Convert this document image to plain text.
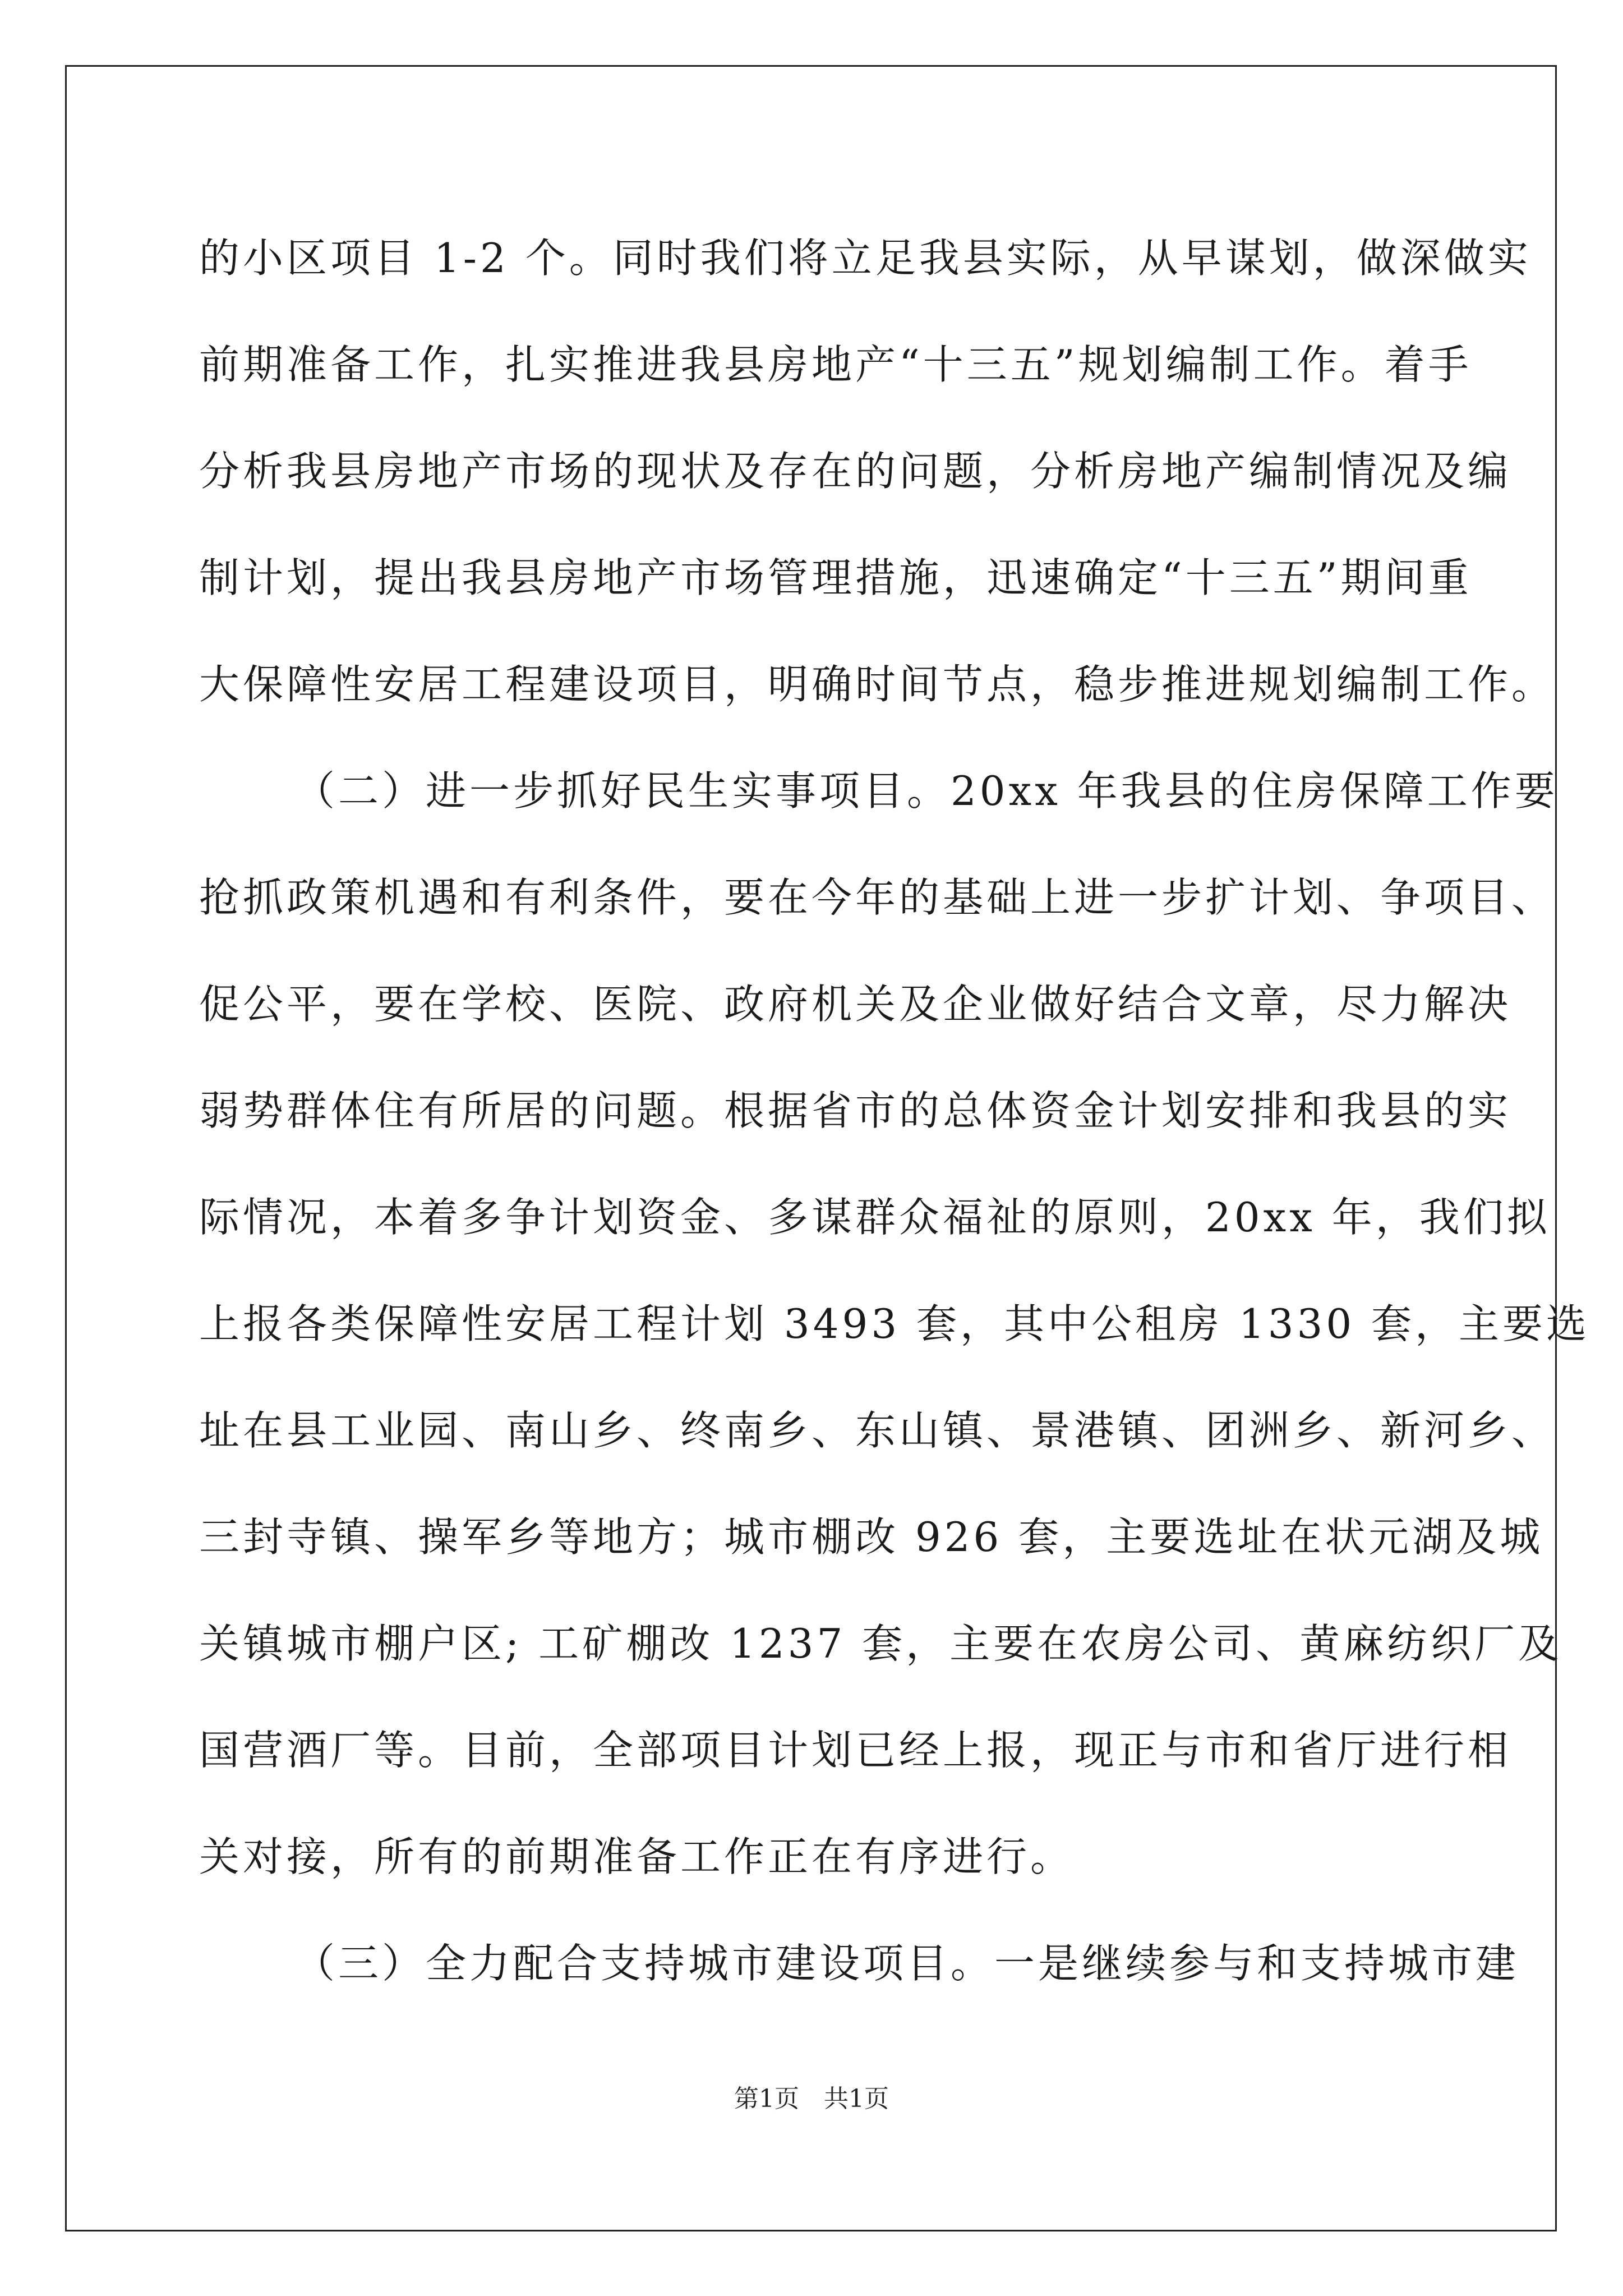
的小区项目 1-2 个。同时我们将立足我县实际，从早谋划，做深做实
前期准备工作，扎实推进我县房地产“十三五”规划编制工作。着手
分析我县房地产市场的现状及存在的问题，分析房地产编制情况及编
制计划，提出我县房地产市场管理措施，迅速确定“十三五”期间重
大保障性安居工程建设项目，明确时间节点，稳步推进规划编制工作。
（二）进一步抓好民生实事项目。20xx 年我县的住房保障工作要
抢抓政策机遇和有利条件，要在今年的基础上进一步扩计划、争项目、
促公平，要在学校、医院、政府机关及企业做好结合文章，尽力解决
弱势群体住有所居的问题。根据省市的总体资金计划安排和我县的实
际情况，本着多争计划资金、多谋群众福祉的原则，20xx 年，我们拟
上报各类保障性安居工程计划 3493 套，其中公租房 1330 套，主要选
址在县工业园、南山乡、终南乡、东山镇、景港镇、团洲乡、新河乡、
三封寺镇、操军乡等地方；城市棚改 926 套，主要选址在状元湖及城
关镇城市棚户区; 工矿棚改 1237 套，主要在农房公司、黄麻纺织厂及
国营酒厂等。目前，全部项目计划已经上报，现正与市和省厅进行相
关对接，所有的前期准备工作正在有序进行。
（三）全力配合支持城市建设项目。一是继续参与和支持城市建
第1页　共1页
